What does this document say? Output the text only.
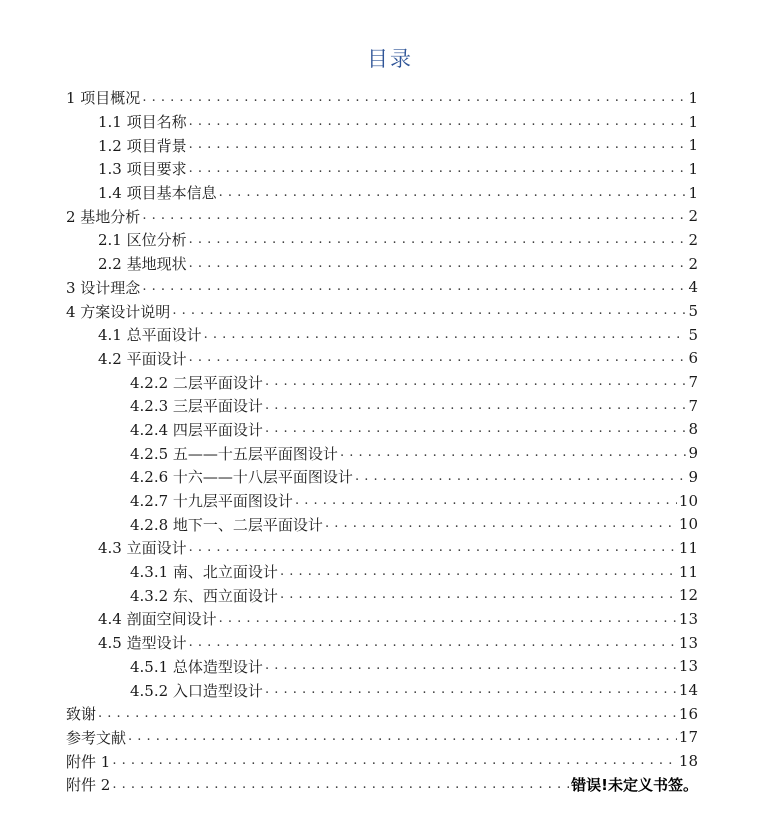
目录
1 项目概况 . . .	1
1.1 项目名称 . . .	1
1.2 项目背景 . . .	1
1.3 项目要求 . . .	1
1.4 项目基本信息 . . .	1
2 基地分析 . . .	2
2.1 区位分析 . . .	2
2.2 基地现状 . . .	2
3 设计理念 . . .	4
4 方案设计说明 . . .	5
4.1 总平面设计 . . .	5
4.2 平面设计 . . .	6
4.2.2 二层平面设计 . . .	7
4.2.3 三层平面设计 . . .	7
4.2.4 四层平面设计 . . .	8
4.2.5 五——十五层平面图设计 . . .	9
4.2.6 十六——十八层平面图设计 . . .	9
4.2.7 十九层平面图设计 . . .	10
4.2.8 地下一、二层平面设计 . . .	10
4.3 立面设计 . . .	11
4.3.1 南、北立面设计 . . .	11
4.3.2 东、西立面设计 . . .	12
4.4 剖面空间设计 . . .	13
4.5 造型设计 . . .	13
4.5.1 总体造型设计 . . .	13
4.5.2 入口造型设计 . . .	14
致谢 . . .	16
参考文献 . . .	17
附件 1 . . .	18
附件 2 . . .	错误!未定义书签。
